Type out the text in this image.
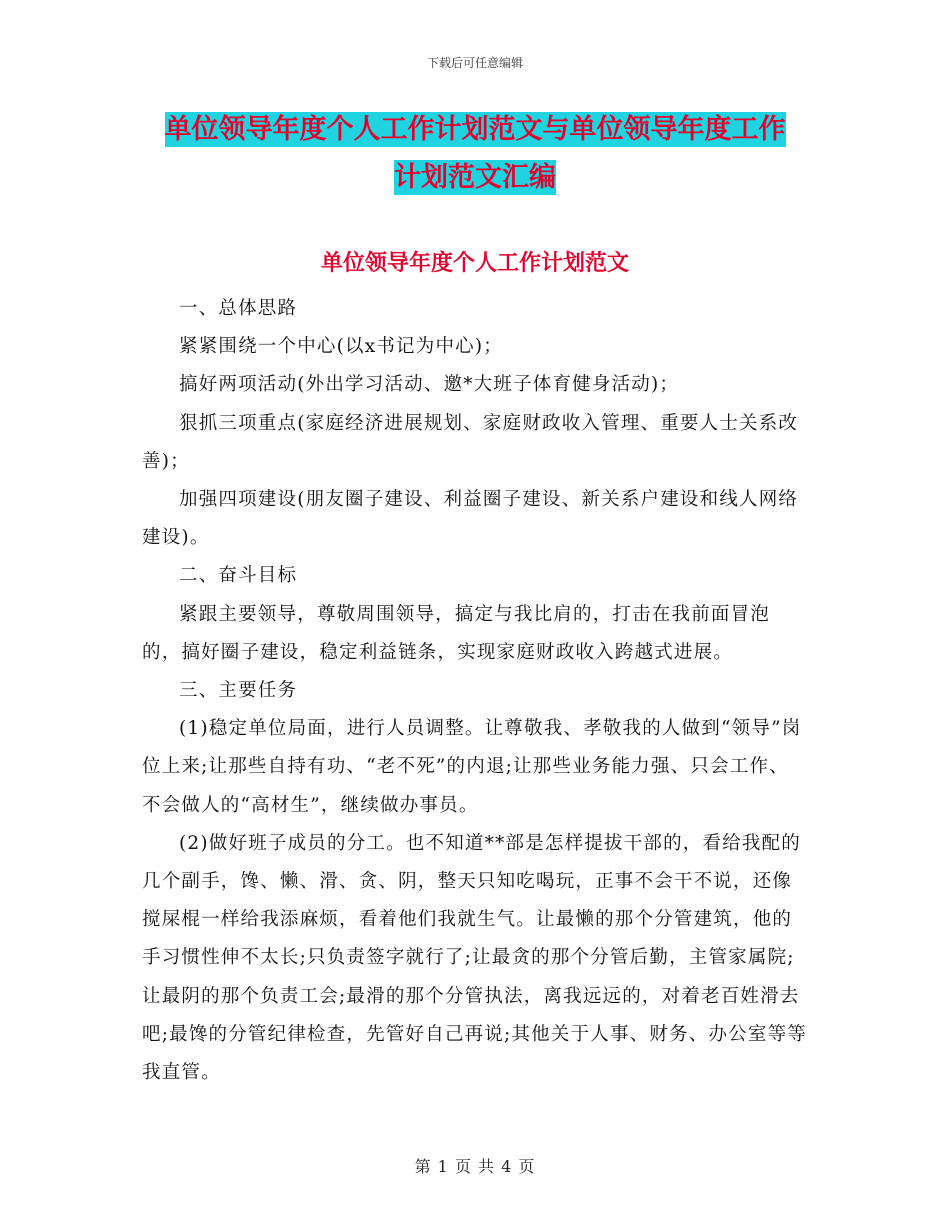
下载后可任意编辑
单位领导年度个人工作计划范文与单位领导年度工作
计划范文汇编
单位领导年度个人工作计划范文

一、总体思路

紧紧围绕一个中心(以x书记为中心)；

搞好两项活动(外出学习活动、邀*大班子体育健身活动)；

狠抓三项重点(家庭经济进展规划、家庭财政收入管理、重要人士关系改善)；

加强四项建设(朋友圈子建设、利益圈子建设、新关系户建设和线人网络建设)。

二、奋斗目标

紧跟主要领导，尊敬周围领导，搞定与我比肩的，打击在我前面冒泡的，搞好圈子建设，稳定利益链条，实现家庭财政收入跨越式进展。

三、主要任务

(1)稳定单位局面，进行人员调整。让尊敬我、孝敬我的人做到“领导”岗位上来;让那些自持有功、“老不死”的内退;让那些业务能力强、只会工作、不会做人的“高材生”，继续做办事员。

(2)做好班子成员的分工。也不知道**部是怎样提拔干部的，看给我配的几个副手，馋、懒、滑、贪、阴，整天只知吃喝玩，正事不会干不说，还像搅屎棍一样给我添麻烦，看着他们我就生气。让最懒的那个分管建筑，他的手习惯性伸不太长;只负责签字就行了;让最贪的那个分管后勤，主管家属院;让最阴的那个负责工会;最滑的那个分管执法，离我远远的，对着老百姓滑去吧;最馋的分管纪律检查，先管好自己再说;其他关于人事、财务、办公室等等我直管。

第 1 页 共 4 页
